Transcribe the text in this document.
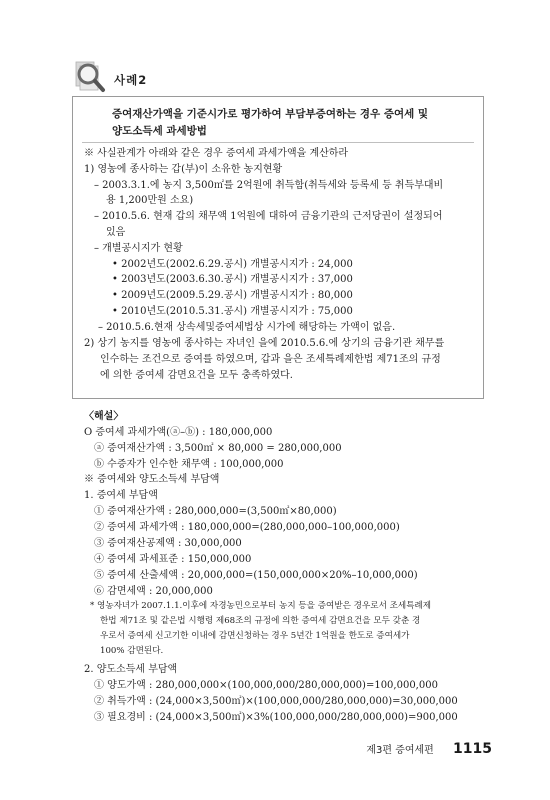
사례2
증여재산가액을 기준시가로 평가하여 부담부증여하는 경우 증여세 및
양도소득세 과세방법
※ 사실관계가 아래와 같은 경우 증여세 과세가액을 계산하라
1) 영농에 종사하는 갑(부)이 소유한 농지현황
– 2003.3.1.에 농지 3,500㎡를 2억원에 취득함(취득세와 등록세 등 취득부대비
용 1,200만원 소요)
– 2010.5.6. 현재 갑의 채무액 1억원에 대하여 금융기관의 근저당권이 설정되어
있음
– 개별공시지가 현황
• 2002년도(2002.6.29.공시) 개별공시지가 : 24,000
• 2003년도(2003.6.30.공시) 개별공시지가 : 37,000
• 2009년도(2009.5.29.공시) 개별공시지가 : 80,000
• 2010년도(2010.5.31.공시) 개별공시지가 : 75,000
– 2010.5.6.현재 상속세및증여세법상 시가에 해당하는 가액이 없음.
2) 상기 농지를 영농에 종사하는 자녀인 을에 2010.5.6.에 상기의 금융기관 채무를
인수하는 조건으로 증여를 하였으며, 갑과 을은 조세특례제한법 제71조의 규정
에 의한 증여세 감면요건을 모두 충족하였다.
〈해설〉
O 증여세 과세가액(ⓐ–ⓑ) : 180,000,000
ⓐ 증여재산가액 : 3,500㎡ × 80,000 = 280,000,000
ⓑ 수증자가 인수한 채무액 : 100,000,000
※ 증여세와 양도소득세 부담액
1. 증여세 부담액
① 증여재산가액 : 280,000,000=(3,500㎡×80,000)
② 증여세 과세가액 : 180,000,000=(280,000,000–100,000,000)
③ 증여재산공제액 : 30,000,000
④ 증여세 과세표준 : 150,000,000
⑤ 증여세 산출세액 : 20,000,000=(150,000,000×20%–10,000,000)
⑥ 감면세액 : 20,000,000
* 영농자녀가 2007.1.1.이후에 자경농민으로부터 농지 등을 증여받은 경우로서 조세특례제
한법 제71조 및 같은법 시행령 제68조의 규정에 의한 증여세 감면요건을 모두 갖춘 경
우로서 증여세 신고기한 이내에 감면신청하는 경우 5년간 1억원을 한도로 증여세가
100% 감면된다.
2. 양도소득세 부담액
① 양도가액 : 280,000,000×(100,000,000/280,000,000)=100,000,000
② 취득가액 : (24,000×3,500㎡)×(100,000,000/280,000,000)=30,000,000
③ 필요경비 : (24,000×3,500㎡)×3%(100,000,000/280,000,000)=900,000
제3편 증여세편 1115
